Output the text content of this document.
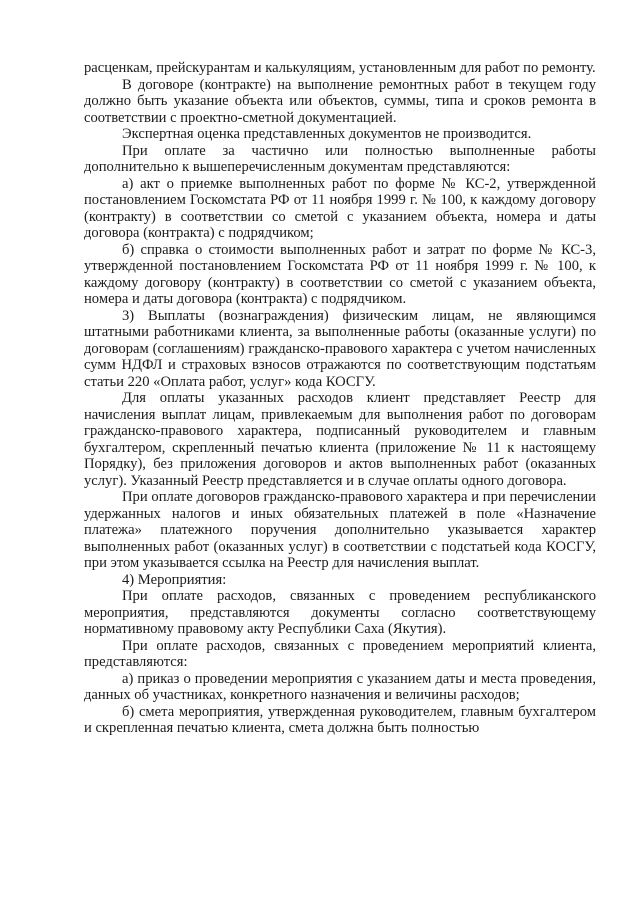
расценкам, прейскурантам и калькуляциям, установленным для работ по ремонту.

В договоре (контракте) на выполнение ремонтных работ в текущем году должно быть указание объекта или объектов, суммы, типа и сроков ремонта в соответствии с проектно-сметной документацией.

Экспертная оценка представленных документов не производится.

При оплате за частично или полностью выполненные работы дополнительно к вышеперечисленным документам представляются:

а) акт о приемке выполненных работ по форме № КС-2, утвержденной постановлением Госкомстата РФ от 11 ноября 1999 г. № 100, к каждому договору (контракту) в соответствии со сметой с указанием объекта, номера и даты договора (контракта) с подрядчиком;

б) справка о стоимости выполненных работ и затрат по форме № КС-3, утвержденной постановлением Госкомстата РФ от 11 ноября 1999 г. № 100, к каждому договору (контракту) в соответствии со сметой с указанием объекта, номера и даты договора (контракта) с подрядчиком.

3) Выплаты (вознаграждения) физическим лицам, не являющимся штатными работниками клиента, за выполненные работы (оказанные услуги) по договорам (соглашениям) гражданско-правового характера с учетом начисленных сумм НДФЛ и страховых взносов отражаются по соответствующим подстатьям статьи 220 «Оплата работ, услуг» кода КОСГУ.

Для оплаты указанных расходов клиент представляет Реестр для начисления выплат лицам, привлекаемым для выполнения работ по договорам гражданско-правового характера, подписанный руководителем и главным бухгалтером, скрепленный печатью клиента (приложение № 11 к настоящему Порядку), без приложения договоров и актов выполненных работ (оказанных услуг). Указанный Реестр представляется и в случае оплаты одного договора.

При оплате договоров гражданско-правового характера и при перечислении удержанных налогов и иных обязательных платежей в поле «Назначение платежа» платежного поручения дополнительно указывается характер выполненных работ (оказанных услуг) в соответствии с подстатьей кода КОСГУ, при этом указывается ссылка на Реестр для начисления выплат.

4) Мероприятия:

При оплате расходов, связанных с проведением республиканского мероприятия, представляются документы согласно соответствующему нормативному правовому акту Республики Саха (Якутия).

При оплате расходов, связанных с проведением мероприятий клиента, представляются:

а) приказ о проведении мероприятия с указанием даты и места проведения, данных об участниках, конкретного назначения и величины расходов;

б) смета мероприятия, утвержденная руководителем, главным бухгалтером и скрепленная печатью клиента, смета должна быть полностью
